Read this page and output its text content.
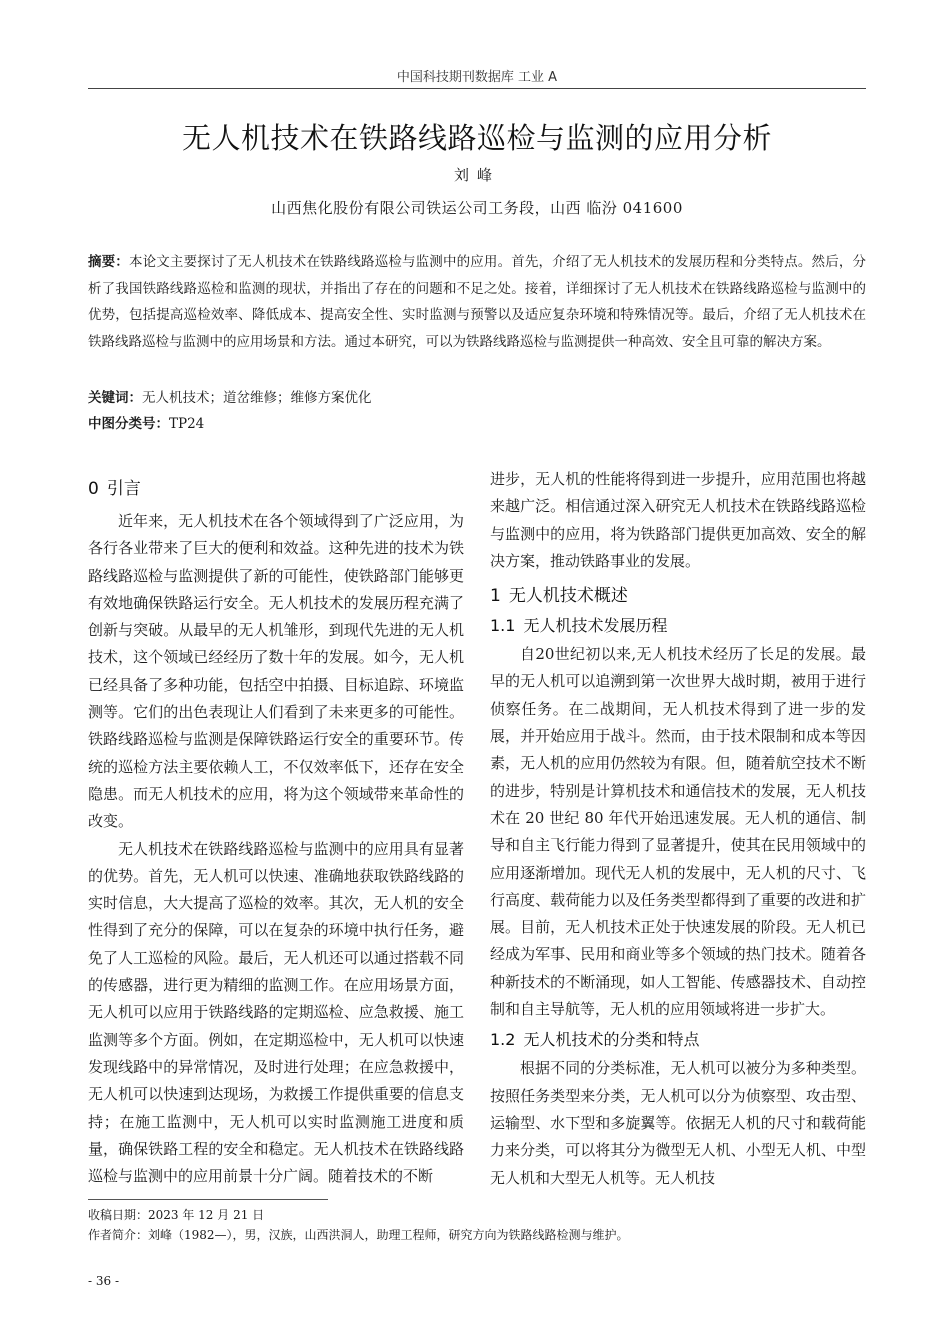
中国科技期刊数据库 工业 A
无人机技术在铁路线路巡检与监测的应用分析
刘峰
山西焦化股份有限公司铁运公司工务段，山西 临汾 041600

摘要：本论文主要探讨了无人机技术在铁路线路巡检与监测中的应用。首先，介绍了无人机技术的发展历程和分类特点。然后，分析了我国铁路线路巡检和监测的现状，并指出了存在的问题和不足之处。接着，详细探讨了无人机技术在铁路线路巡检与监测中的优势，包括提高巡检效率、降低成本、提高安全性、实时监测与预警以及适应复杂环境和特殊情况等。最后，介绍了无人机技术在铁路线路巡检与监测中的应用场景和方法。通过本研究，可以为铁路线路巡检与监测提供一种高效、安全且可靠的解决方案。

关键词：无人机技术；道岔维修；维修方案优化

中图分类号：TP24

0 引言

近年来，无人机技术在各个领域得到了广泛应用，为各行各业带来了巨大的便利和效益。这种先进的技术为铁路线路巡检与监测提供了新的可能性，使铁路部门能够更有效地确保铁路运行安全。无人机技术的发展历程充满了创新与突破。从最早的无人机雏形，到现代先进的无人机技术，这个领域已经经历了数十年的发展。如今，无人机已经具备了多种功能，包括空中拍摄、目标追踪、环境监测等。它们的出色表现让人们看到了未来更多的可能性。铁路线路巡检与监测是保障铁路运行安全的重要环节。传统的巡检方法主要依赖人工，不仅效率低下，还存在安全隐患。而无人机技术的应用，将为这个领域带来革命性的改变。

无人机技术在铁路线路巡检与监测中的应用具有显著的优势。首先，无人机可以快速、准确地获取铁路线路的实时信息，大大提高了巡检的效率。其次，无人机的安全性得到了充分的保障，可以在复杂的环境中执行任务，避免了人工巡检的风险。最后，无人机还可以通过搭载不同的传感器，进行更为精细的监测工作。在应用场景方面，无人机可以应用于铁路线路的定期巡检、应急救援、施工监测等多个方面。例如，在定期巡检中，无人机可以快速发现线路中的异常情况，及时进行处理；在应急救援中，无人机可以快速到达现场，为救援工作提供重要的信息支持；在施工监测中，无人机可以实时监测施工进度和质量，确保铁路工程的安全和稳定。无人机技术在铁路线路巡检与监测中的应用前景十分广阔。随着技术的不断

进步，无人机的性能将得到进一步提升，应用范围也将越来越广泛。相信通过深入研究无人机技术在铁路线路巡检与监测中的应用，将为铁路部门提供更加高效、安全的解决方案，推动铁路事业的发展。

1 无人机技术概述
1.1 无人机技术发展历程

自20世纪初以来,无人机技术经历了长足的发展。最早的无人机可以追溯到第一次世界大战时期，被用于进行侦察任务。在二战期间，无人机技术得到了进一步的发展，并开始应用于战斗。然而，由于技术限制和成本等因素，无人机的应用仍然较为有限。但，随着航空技术不断的进步，特别是计算机技术和通信技术的发展，无人机技术在 20 世纪 80 年代开始迅速发展。无人机的通信、制导和自主飞行能力得到了显著提升，使其在民用领域中的应用逐渐增加。现代无人机的发展中，无人机的尺寸、飞行高度、载荷能力以及任务类型都得到了重要的改进和扩展。目前，无人机技术正处于快速发展的阶段。无人机已经成为军事、民用和商业等多个领域的热门技术。随着各种新技术的不断涌现，如人工智能、传感器技术、自动控制和自主导航等，无人机的应用领域将进一步扩大。

1.2 无人机技术的分类和特点

根据不同的分类标准，无人机可以被分为多种类型。按照任务类型来分类，无人机可以分为侦察型、攻击型、运输型、水下型和多旋翼等。依据无人机的尺寸和载荷能力来分类，可以将其分为微型无人机、小型无人机、中型无人机和大型无人机等。无人机技

收稿日期：2023 年 12 月 21 日
作者简介：刘峰（1982—），男，汉族，山西洪洞人，助理工程师，研究方向为铁路线路检测与维护。
- 36 -
